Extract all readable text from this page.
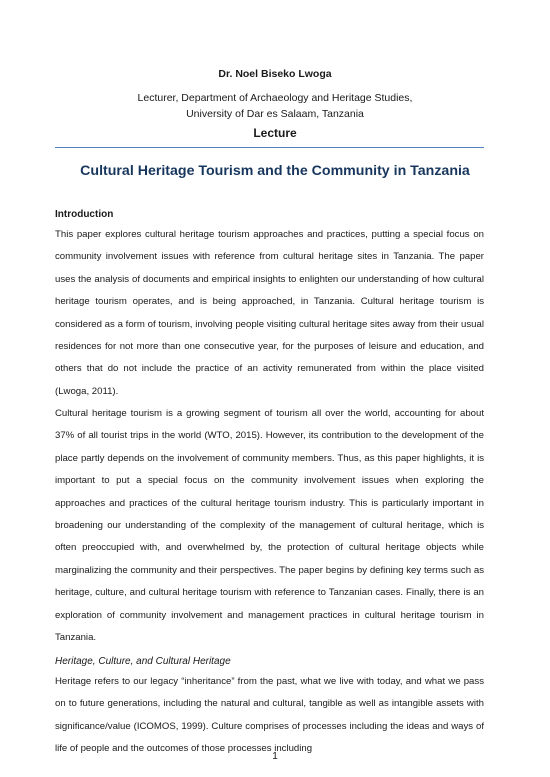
Dr. Noel Biseko Lwoga
Lecturer, Department of Archaeology and Heritage Studies,
University of Dar es Salaam, Tanzania
Lecture
Cultural Heritage Tourism and the Community in Tanzania
Introduction
This paper explores cultural heritage tourism approaches and practices, putting a special focus on community involvement issues with reference from cultural heritage sites in Tanzania. The paper uses the analysis of documents and empirical insights to enlighten our understanding of how cultural heritage tourism operates, and is being approached, in Tanzania. Cultural heritage tourism is considered as a form of tourism, involving people visiting cultural heritage sites away from their usual residences for not more than one consecutive year, for the purposes of leisure and education, and others that do not include the practice of an activity remunerated from within the place visited (Lwoga, 2011).
Cultural heritage tourism is a growing segment of tourism all over the world, accounting for about 37% of all tourist trips in the world (WTO, 2015). However, its contribution to the development of the place partly depends on the involvement of community members. Thus, as this paper highlights, it is important to put a special focus on the community involvement issues when exploring the approaches and practices of the cultural heritage tourism industry. This is particularly important in broadening our understanding of the complexity of the management of cultural heritage, which is often preoccupied with, and overwhelmed by, the protection of cultural heritage objects while marginalizing the community and their perspectives. The paper begins by defining key terms such as heritage, culture, and cultural heritage tourism with reference to Tanzanian cases. Finally, there is an exploration of community involvement and management practices in cultural heritage tourism in Tanzania.
Heritage, Culture, and Cultural Heritage
Heritage refers to our legacy “inheritance” from the past, what we live with today, and what we pass on to future generations, including the natural and cultural, tangible as well as intangible assets with significance/value (ICOMOS, 1999). Culture comprises of processes including the ideas and ways of life of people and the outcomes of those processes including
1
